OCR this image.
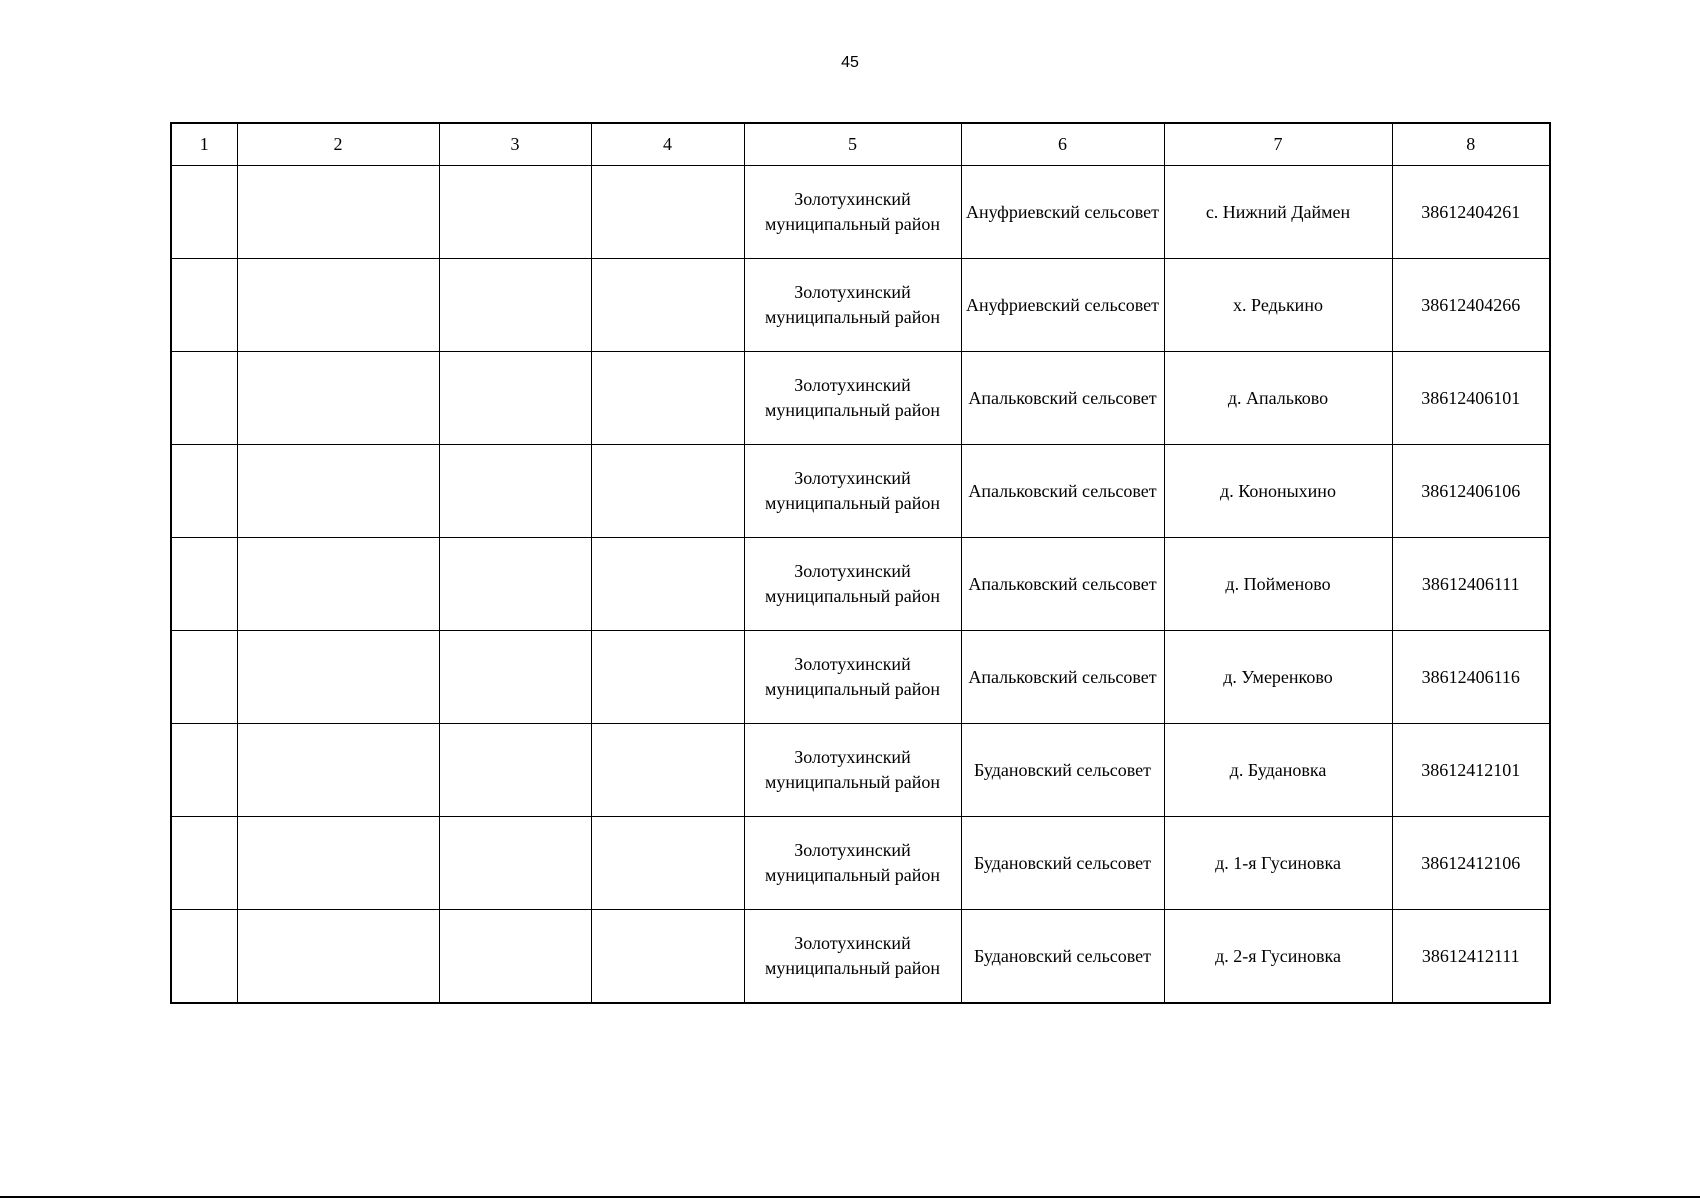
45
1	2	3	4	5	6	7	8
				Золотухинский муниципальный район	Ануфриевский сельсовет	с. Нижний Даймен	38612404261
				Золотухинский муниципальный район	Ануфриевский сельсовет	х. Редькино	38612404266
				Золотухинский муниципальный район	Апальковский сельсовет	д. Апальково	38612406101
				Золотухинский муниципальный район	Апальковский сельсовет	д. Кононыхино	38612406106
				Золотухинский муниципальный район	Апальковский сельсовет	д. Пойменово	38612406111
				Золотухинский муниципальный район	Апальковский сельсовет	д. Умеренково	38612406116
				Золотухинский муниципальный район	Будановский сельсовет	д. Будановка	38612412101
				Золотухинский муниципальный район	Будановский сельсовет	д. 1-я Гусиновка	38612412106
				Золотухинский муниципальный район	Будановский сельсовет	д. 2-я Гусиновка	38612412111
